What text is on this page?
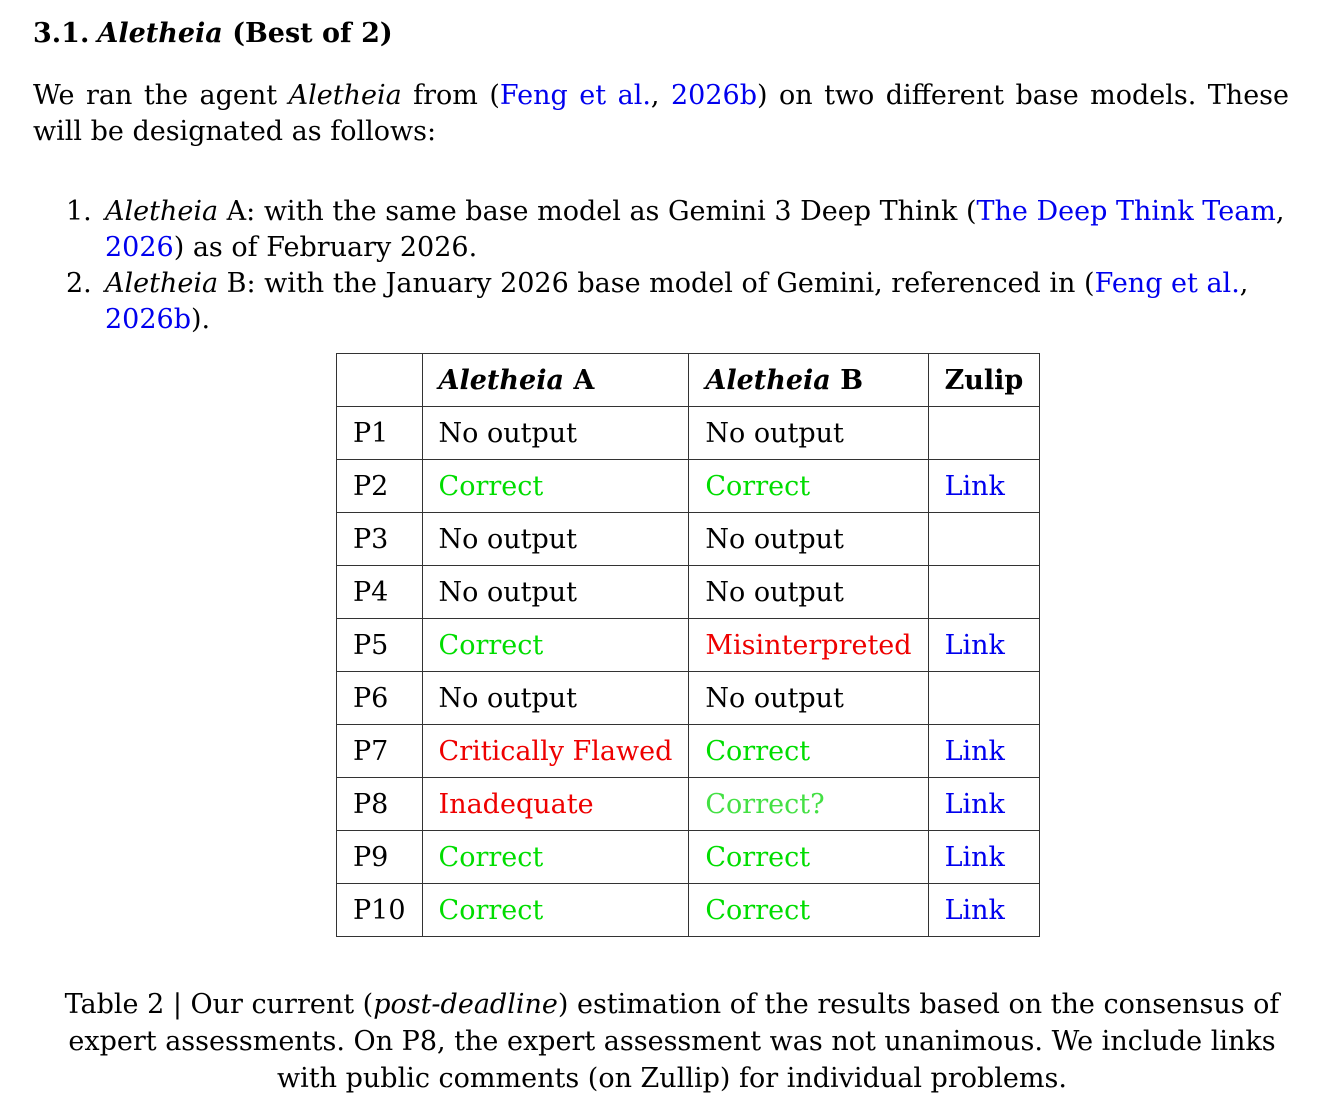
3.1. Aletheia (Best of 2)

We ran the agent Aletheia from (Feng et al., 2026b) on two different base models. These will be designated as follows:

1. Aletheia A: with the same base model as Gemini 3 Deep Think (The Deep Think Team, 2026) as of February 2026.
2. Aletheia B: with the January 2026 base model of Gemini, referenced in (Feng et al., 2026b).
	Aletheia A	Aletheia B	Zulip
P1	No output	No output	
P2	Correct	Correct	Link
P3	No output	No output	
P4	No output	No output	
P5	Correct	Misinterpreted	Link
P6	No output	No output	
P7	Critically Flawed	Correct	Link
P8	Inadequate	Correct?	Link
P9	Correct	Correct	Link
P10	Correct	Correct	Link

Table 2 | Our current (post-deadline) estimation of the results based on the consensus of expert assessments. On P8, the expert assessment was not unanimous. We include links with public comments (on Zullip) for individual problems.
